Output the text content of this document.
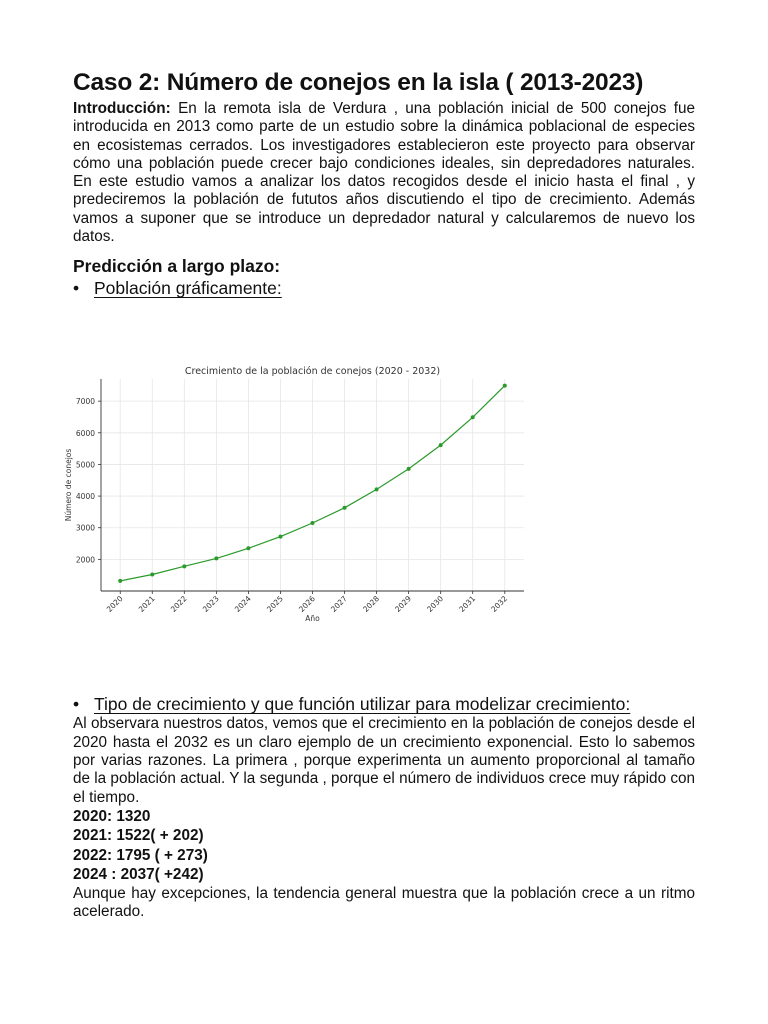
Caso 2: Número de conejos en la isla ( 2013-2023)

Introducción: En la remota isla de Verdura , una población inicial de 500 conejos fue introducida en 2013 como parte de un estudio sobre la dinámica poblacional de especies en ecosistemas cerrados. Los investigadores establecieron este proyecto para observar cómo una población puede crecer bajo condiciones ideales, sin depredadores naturales. En este estudio vamos a analizar los datos recogidos desde el inicio hasta el final , y predeciremos la población de fututos años discutiendo el tipo de crecimiento. Además vamos a suponer que se introduce un depredador natural y calcularemos de nuevo los datos.

Predicción a largo plazo:
• Población gráficamente:
• Tipo de crecimiento y que función utilizar para modelizar crecimiento:

Al observara nuestros datos, vemos que el crecimiento en la población de conejos desde el 2020 hasta el 2032 es un claro ejemplo de un crecimiento exponencial. Esto lo sabemos por varias razones. La primera , porque experimenta un aumento proporcional al tamaño de la población actual. Y la segunda , porque el número de individuos crece muy rápido con el tiempo.

2020: 1320
2021: 1522( + 202)
2022: 1795 ( + 273)
2024 : 2037( +242)

Aunque hay excepciones, la tendencia general muestra que la población crece a un ritmo acelerado.

2000
3000
4000
5000
6000
7000
2020 2021 2022 2023 2024 2025 2026 2027 2028 2029 2030 2031 2032
Crecimiento de la población de conejos (2020 - 2032)
Año
Número de conejos
